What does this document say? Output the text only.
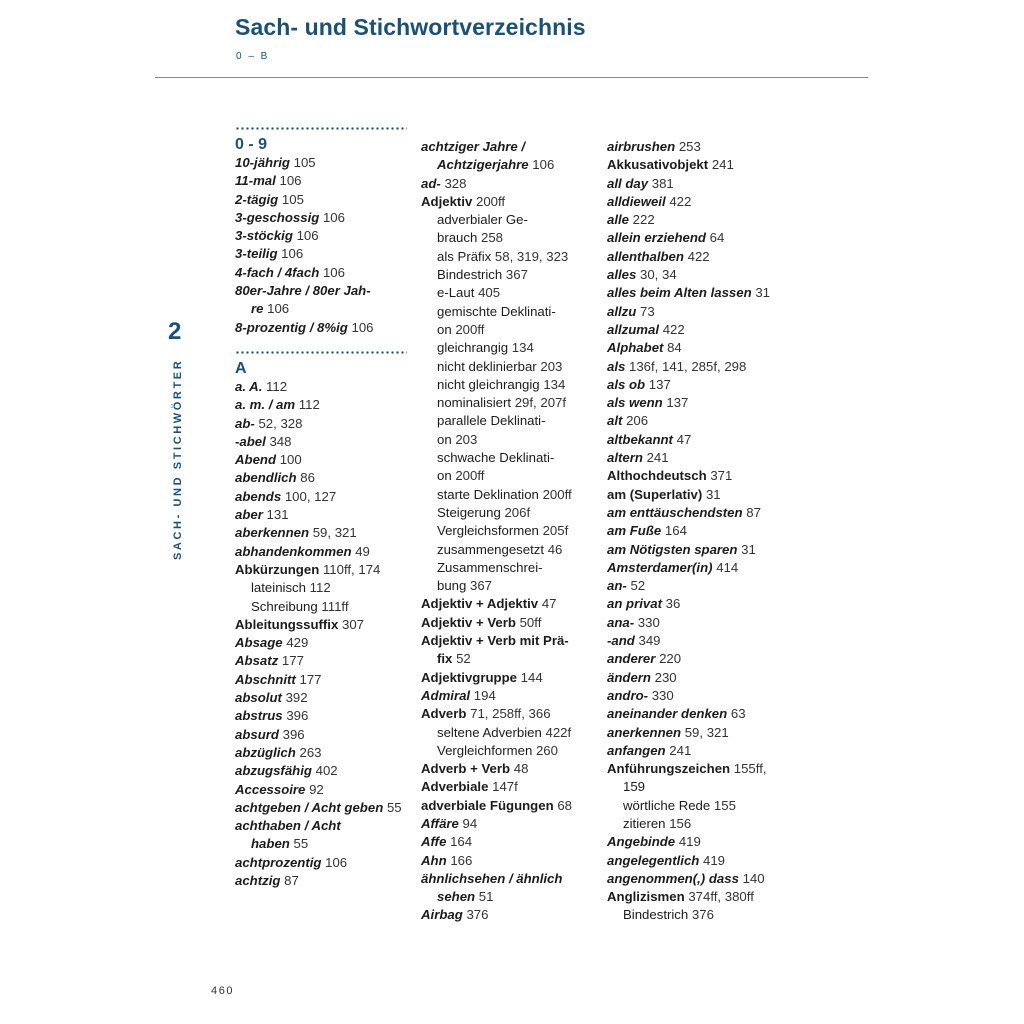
Sach- und Stichwortverzeichnis
0 – B
2
SACH- UND STICHWÖRTER
0 - 9
10-jährig 105
11-mal 106
2-tägig 105
3-geschossig 106
3-stöckig 106
3-teilig 106
4-fach / 4fach 106
80er-Jahre / 80er Jah-
re 106
8-prozentig / 8%ig 106
A
a. A. 112
a. m. / am 112
ab- 52, 328
-abel 348
Abend 100
abendlich 86
abends 100, 127
aber 131
aberkennen 59, 321
abhandenkommen 49
Abkürzungen 110ff, 174
lateinisch 112
Schreibung 111ff
Ableitungssuffix 307
Absage 429
Absatz 177
Abschnitt 177
absolut 392
abstrus 396
absurd 396
abzüglich 263
abzugsfähig 402
Accessoire 92
achtgeben / Acht geben 55
achthaben / Acht
haben 55
achtprozentig 106
achtzig 87
achtziger Jahre /
Achtzigerjahre 106
ad- 328
Adjektiv 200ff
adverbialer Ge-
brauch 258
als Präfix 58, 319, 323
Bindestrich 367
e-Laut 405
gemischte Deklinati-
on 200ff
gleichrangig 134
nicht deklinierbar 203
nicht gleichrangig 134
nominalisiert 29f, 207f
parallele Deklinati-
on 203
schwache Deklinati-
on 200ff
starte Deklination 200ff
Steigerung 206f
Vergleichsformen 205f
zusammengesetzt 46
Zusammenschrei-
bung 367
Adjektiv + Adjektiv 47
Adjektiv + Verb 50ff
Adjektiv + Verb mit Prä-
fix 52
Adjektivgruppe 144
Admiral 194
Adverb 71, 258ff, 366
seltene Adverbien 422f
Vergleichformen 260
Adverb + Verb 48
Adverbiale 147f
adverbiale Fügungen 68
Affäre 94
Affe 164
Ahn 166
ähnlichsehen / ähnlich
sehen 51
Airbag 376
airbrushen 253
Akkusativobjekt 241
all day 381
alldieweil 422
alle 222
allein erziehend 64
allenthalben 422
alles 30, 34
alles beim Alten lassen 31
allzu 73
allzumal 422
Alphabet 84
als 136f, 141, 285f, 298
als ob 137
als wenn 137
alt 206
altbekannt 47
altern 241
Althochdeutsch 371
am (Superlativ) 31
am enttäuschendsten 87
am Fuße 164
am Nötigsten sparen 31
Amsterdamer(in) 414
an- 52
an privat 36
ana- 330
-and 349
anderer 220
ändern 230
andro- 330
aneinander denken 63
anerkennen 59, 321
anfangen 241
Anführungszeichen 155ff,
159
wörtliche Rede 155
zitieren 156
Angebinde 419
angelegentlich 419
angenommen(,) dass 140
Anglizismen 374ff, 380ff
Bindestrich 376
460
